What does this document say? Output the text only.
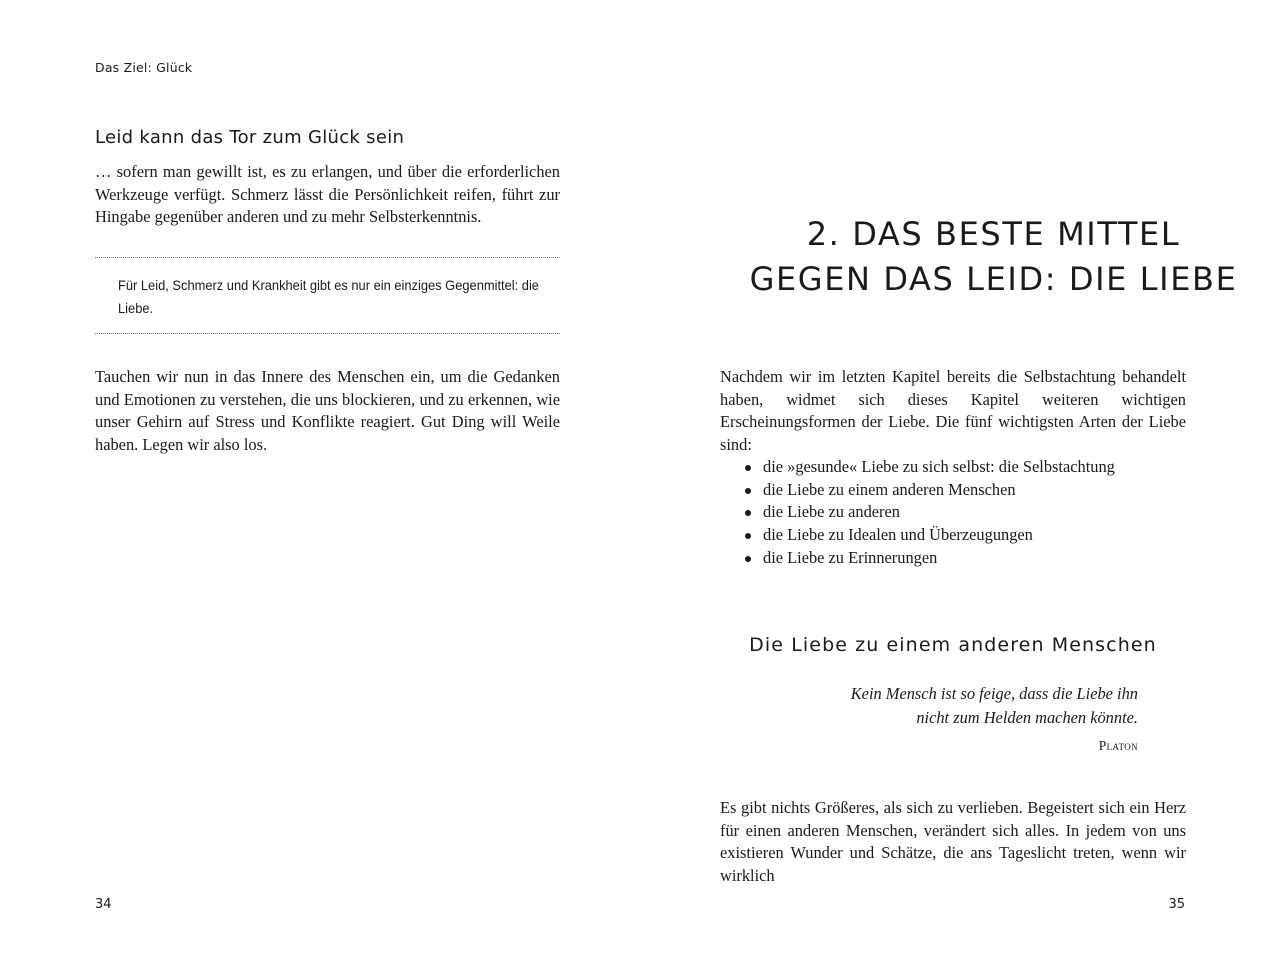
Das Ziel: Glück
Leid kann das Tor zum Glück sein

… sofern man gewillt ist, es zu erlangen, und über die erforderlichen Werkzeuge verfügt. Schmerz lässt die Persönlichkeit reifen, führt zur Hingabe gegenüber anderen und zu mehr Selbsterkenntnis.

Für Leid, Schmerz und Krankheit gibt es nur ein einziges Gegenmittel: die Liebe.

Tauchen wir nun in das Innere des Menschen ein, um die Gedanken und Emotionen zu verstehen, die uns blockieren, und zu erkennen, wie unser Gehirn auf Stress und Konflikte reagiert. Gut Ding will Weile haben. Legen wir also los.

34
2. DAS BESTE MITTEL
GEGEN DAS LEID: DIE LIEBE

Nachdem wir im letzten Kapitel bereits die Selbstachtung behandelt haben, widmet sich dieses Kapitel weiteren wichtigen Erscheinungsformen der Liebe. Die fünf wichtigsten Arten der Liebe sind:

die »gesunde« Liebe zu sich selbst: die Selbstachtung
die Liebe zu einem anderen Menschen
die Liebe zu anderen
die Liebe zu Idealen und Überzeugungen
die Liebe zu Erinnerungen
Die Liebe zu einem anderen Menschen
Kein Mensch ist so feige, dass die Liebe ihn
nicht zum Helden machen könnte.
Platon

Es gibt nichts Größeres, als sich zu verlieben. Begeistert sich ein Herz für einen anderen Menschen, verändert sich alles. In jedem von uns existieren Wunder und Schätze, die ans Tageslicht treten, wenn wir wirklich

35
